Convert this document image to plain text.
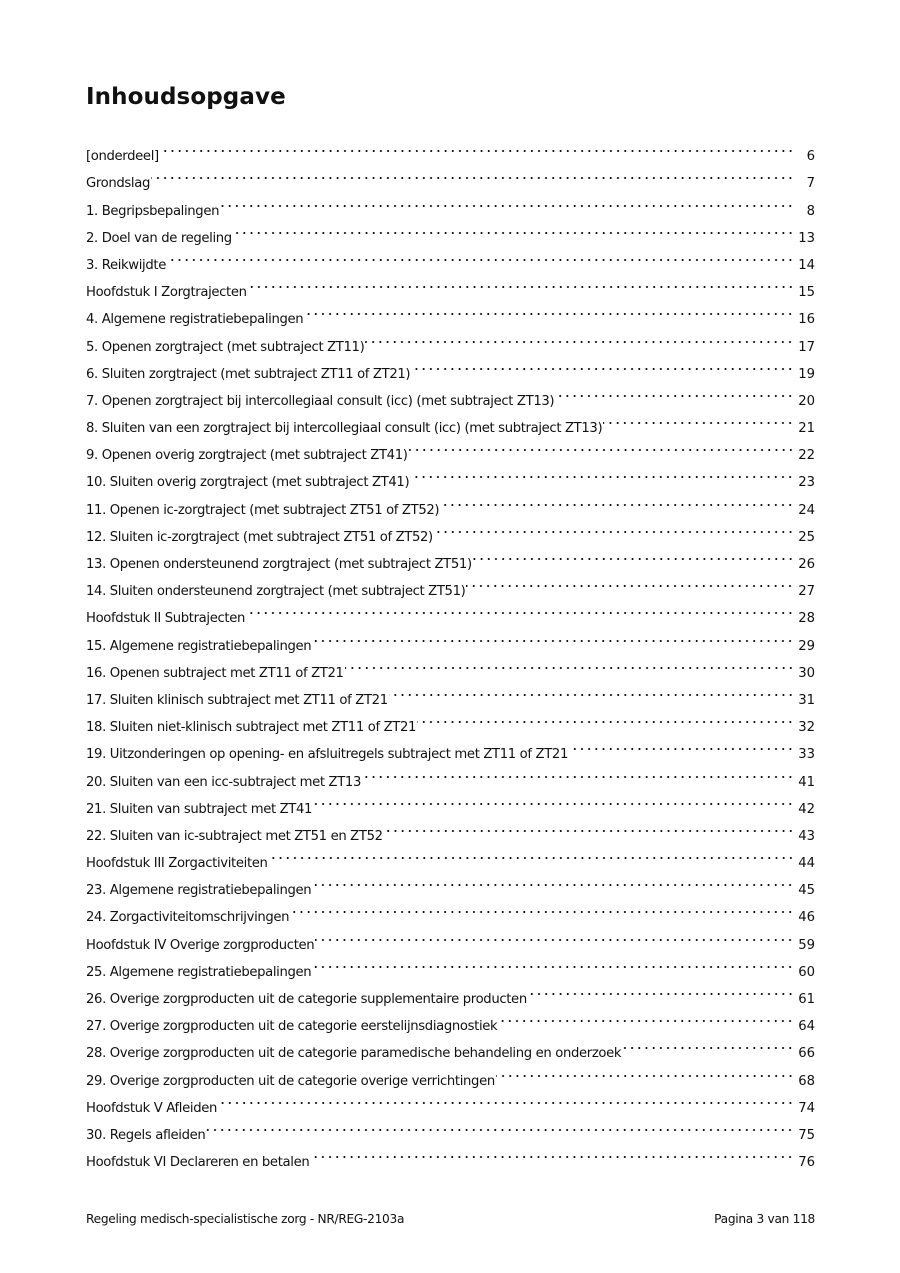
Inhoudsopgave
[onderdeel]	6
Grondslag	7
1. Begripsbepalingen	8
2. Doel van de regeling	13
3. Reikwijdte	14
Hoofdstuk I Zorgtrajecten	15
4. Algemene registratiebepalingen	16
5. Openen zorgtraject (met subtraject ZT11)	17
6. Sluiten zorgtraject (met subtraject ZT11 of ZT21)	19
7. Openen zorgtraject bij intercollegiaal consult (icc) (met subtraject ZT13)	20
8. Sluiten van een zorgtraject bij intercollegiaal consult (icc) (met subtraject ZT13)	21
9. Openen overig zorgtraject (met subtraject ZT41)	22
10. Sluiten overig zorgtraject (met subtraject ZT41)	23
11. Openen ic-zorgtraject (met subtraject ZT51 of ZT52)	24
12. Sluiten ic-zorgtraject (met subtraject ZT51 of ZT52)	25
13. Openen ondersteunend zorgtraject (met subtraject ZT51)	26
14. Sluiten ondersteunend zorgtraject (met subtraject ZT51)	27
Hoofdstuk II Subtrajecten	28
15. Algemene registratiebepalingen	29
16. Openen subtraject met ZT11 of ZT21	30
17. Sluiten klinisch subtraject met ZT11 of ZT21	31
18. Sluiten niet-klinisch subtraject met ZT11 of ZT21	32
19. Uitzonderingen op opening- en afsluitregels subtraject met ZT11 of ZT21	33
20. Sluiten van een icc-subtraject met ZT13	41
21. Sluiten van subtraject met ZT41	42
22. Sluiten van ic-subtraject met ZT51 en ZT52	43
Hoofdstuk III Zorgactiviteiten	44
23. Algemene registratiebepalingen	45
24. Zorgactiviteitomschrijvingen	46
Hoofdstuk IV Overige zorgproducten	59
25. Algemene registratiebepalingen	60
26. Overige zorgproducten uit de categorie supplementaire producten	61
27. Overige zorgproducten uit de categorie eerstelijnsdiagnostiek	64
28. Overige zorgproducten uit de categorie paramedische behandeling en onderzoek	66
29. Overige zorgproducten uit de categorie overige verrichtingen	68
Hoofdstuk V Afleiden	74
30. Regels afleiden	75
Hoofdstuk VI Declareren en betalen	76
Regeling medisch-specialistische zorg - NR/REG-2103a	Pagina 3 van 118
